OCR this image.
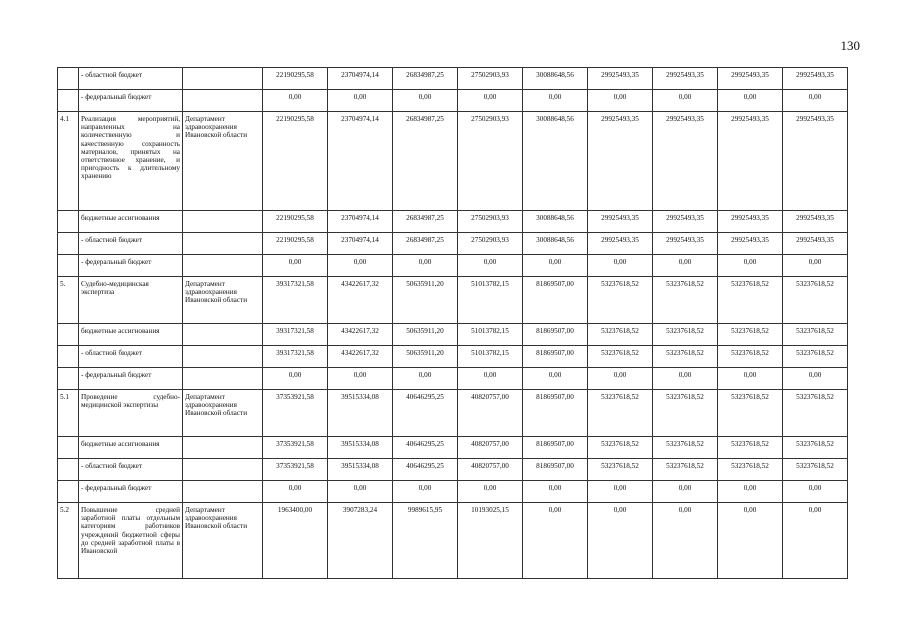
130
	- областной бюджет		22190295,58	23704974,14	26834987,25	27502903,93	30088648,56	29925493,35	29925493,35	29925493,35	29925493,35
	- федеральный бюджет		0,00	0,00	0,00	0,00	0,00	0,00	0,00	0,00	0,00
4.1	Реализация мероприятий, направленных на количественную и качественную сохранность материалов, принятых на ответственное хранение, и пригодность к длительному хранению	Департамент здравоохранения Ивановской области	22190295,58	23704974,14	26834987,25	27502903,93	30088648,56	29925493,35	29925493,35	29925493,35	29925493,35
	бюджетные ассигнования		22190295,58	23704974,14	26834987,25	27502903,93	30088648,56	29925493,35	29925493,35	29925493,35	29925493,35
	- областной бюджет		22190295,58	23704974,14	26834987,25	27502903,93	30088648,56	29925493,35	29925493,35	29925493,35	29925493,35
	- федеральный бюджет		0,00	0,00	0,00	0,00	0,00	0,00	0,00	0,00	0,00
5.	Судебно-медицинская экспертиза	Департамент здравоохранения Ивановской области	39317321,58	43422617,32	50635911,20	51013782,15	81869507,00	53237618,52	53237618,52	53237618,52	53237618,52
	бюджетные ассигнования		39317321,58	43422617,32	50635911,20	51013782,15	81869507,00	53237618,52	53237618,52	53237618,52	53237618,52
	- областной бюджет		39317321,58	43422617,32	50635911,20	51013782,15	81869507,00	53237618,52	53237618,52	53237618,52	53237618,52
	- федеральный бюджет		0,00	0,00	0,00	0,00	0,00	0,00	0,00	0,00	0,00
5.1	Проведение судебно-медицинской экспертизы	Департамент здравоохранения Ивановской области	37353921,58	39515334,08	40646295,25	40820757,00	81869507,00	53237618,52	53237618,52	53237618,52	53237618,52
	бюджетные ассигнования		37353921,58	39515334,08	40646295,25	40820757,00	81869507,00	53237618,52	53237618,52	53237618,52	53237618,52
	- областной бюджет		37353921,58	39515334,08	40646295,25	40820757,00	81869507,00	53237618,52	53237618,52	53237618,52	53237618,52
	- федеральный бюджет		0,00	0,00	0,00	0,00	0,00	0,00	0,00	0,00	0,00
5.2	Повышение средней заработной платы отдельным категориям работников учреждений бюджетной сферы до средней заработной платы в Ивановской	Департамент здравоохранения Ивановской области	1963400,00	3907283,24	9989615,95	10193025,15	0,00	0,00	0,00	0,00	0,00
